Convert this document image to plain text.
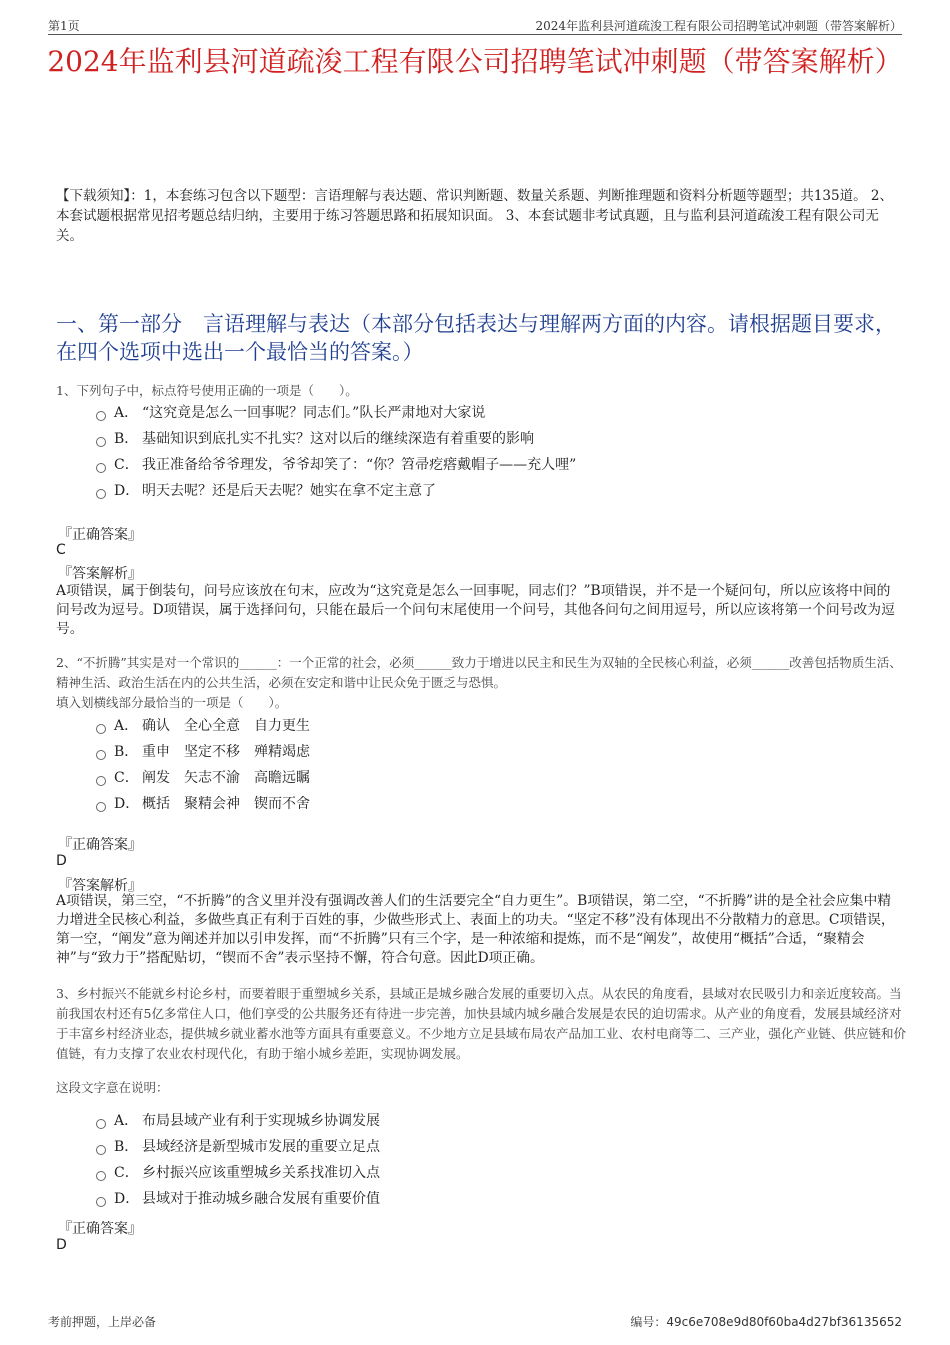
第1页	2024年监利县河道疏浚工程有限公司招聘笔试冲刺题（带答案解析）
2024年监利县河道疏浚工程有限公司招聘笔试冲刺题（带答案解析）
【下载须知】：1，本套练习包含以下题型：言语理解与表达题、常识判断题、数量关系题、判断推理题和资料分析题等题型；共135道。 2、本套试题根据常见招考题总结归纳，主要用于练习答题思路和拓展知识面。 3、本套试题非考试真题，且与监利县河道疏浚工程有限公司无关。
一、第一部分　言语理解与表达（本部分包括表达与理解两方面的内容。请根据题目要求，在四个选项中选出一个最恰当的答案。）
1、下列句子中，标点符号使用正确的一项是（　　）。
A． “这究竟是怎么一回事呢？同志们。”队长严肃地对大家说
B． 基础知识到底扎实不扎实？这对以后的继续深造有着重要的影响
C． 我正准备给爷爷理发，爷爷却笑了：“你？笤帚疙瘩戴帽子——充人哩”
D． 明天去呢？还是后天去呢？她实在拿不定主意了
『正确答案』
C
『答案解析』
A项错误，属于倒装句，问号应该放在句末，应改为“这究竟是怎么一回事呢，同志们？”B项错误，并不是一个疑问句，所以应该将中间的问号改为逗号。D项错误，属于选择问句，只能在最后一个问句末尾使用一个问号，其他各问句之间用逗号，所以应该将第一个问号改为逗号。
2、“不折腾”其实是对一个常识的______：一个正常的社会，必须______致力于增进以民主和民生为双轴的全民核心利益，必须______改善包括物质生活、精神生活、政治生活在内的公共生活，必须在安定和谐中让民众免于匮乏与恐惧。
填入划横线部分最恰当的一项是（　　）。
A． 确认　全心全意　自力更生
B． 重申　坚定不移　殚精竭虑
C． 阐发　矢志不渝　高瞻远瞩
D． 概括　聚精会神　锲而不舍
『正确答案』
D
『答案解析』
A项错误，第三空，“不折腾”的含义里并没有强调改善人们的生活要完全“自力更生”。B项错误，第二空，“不折腾”讲的是全社会应集中精力增进全民核心利益，多做些真正有利于百姓的事，少做些形式上、表面上的功夫。“坚定不移”没有体现出不分散精力的意思。C项错误，第一空，“阐发”意为阐述并加以引申发挥，而“不折腾”只有三个字，是一种浓缩和提炼，而不是“阐发”，故使用“概括”合适，“聚精会神”与“致力于”搭配贴切，“锲而不舍”表示坚持不懈，符合句意。因此D项正确。
3、乡村振兴不能就乡村论乡村，而要着眼于重塑城乡关系，县域正是城乡融合发展的重要切入点。从农民的角度看，县域对农民吸引力和亲近度较高。当前我国农村还有5亿多常住人口，他们享受的公共服务还有待进一步完善，加快县域内城乡融合发展是农民的迫切需求。从产业的角度看，发展县域经济对于丰富乡村经济业态，提供城乡就业蓄水池等方面具有重要意义。不少地方立足县域布局农产品加工业、农村电商等二、三产业，强化产业链、供应链和价值链，有力支撑了农业农村现代化，有助于缩小城乡差距，实现协调发展。
这段文字意在说明：
A． 布局县域产业有利于实现城乡协调发展
B． 县域经济是新型城市发展的重要立足点
C． 乡村振兴应该重塑城乡关系找准切入点
D． 县域对于推动城乡融合发展有重要价值
『正确答案』
D
考前押题，上岸必备	编号：49c6e708e9d80f60ba4d27bf36135652
